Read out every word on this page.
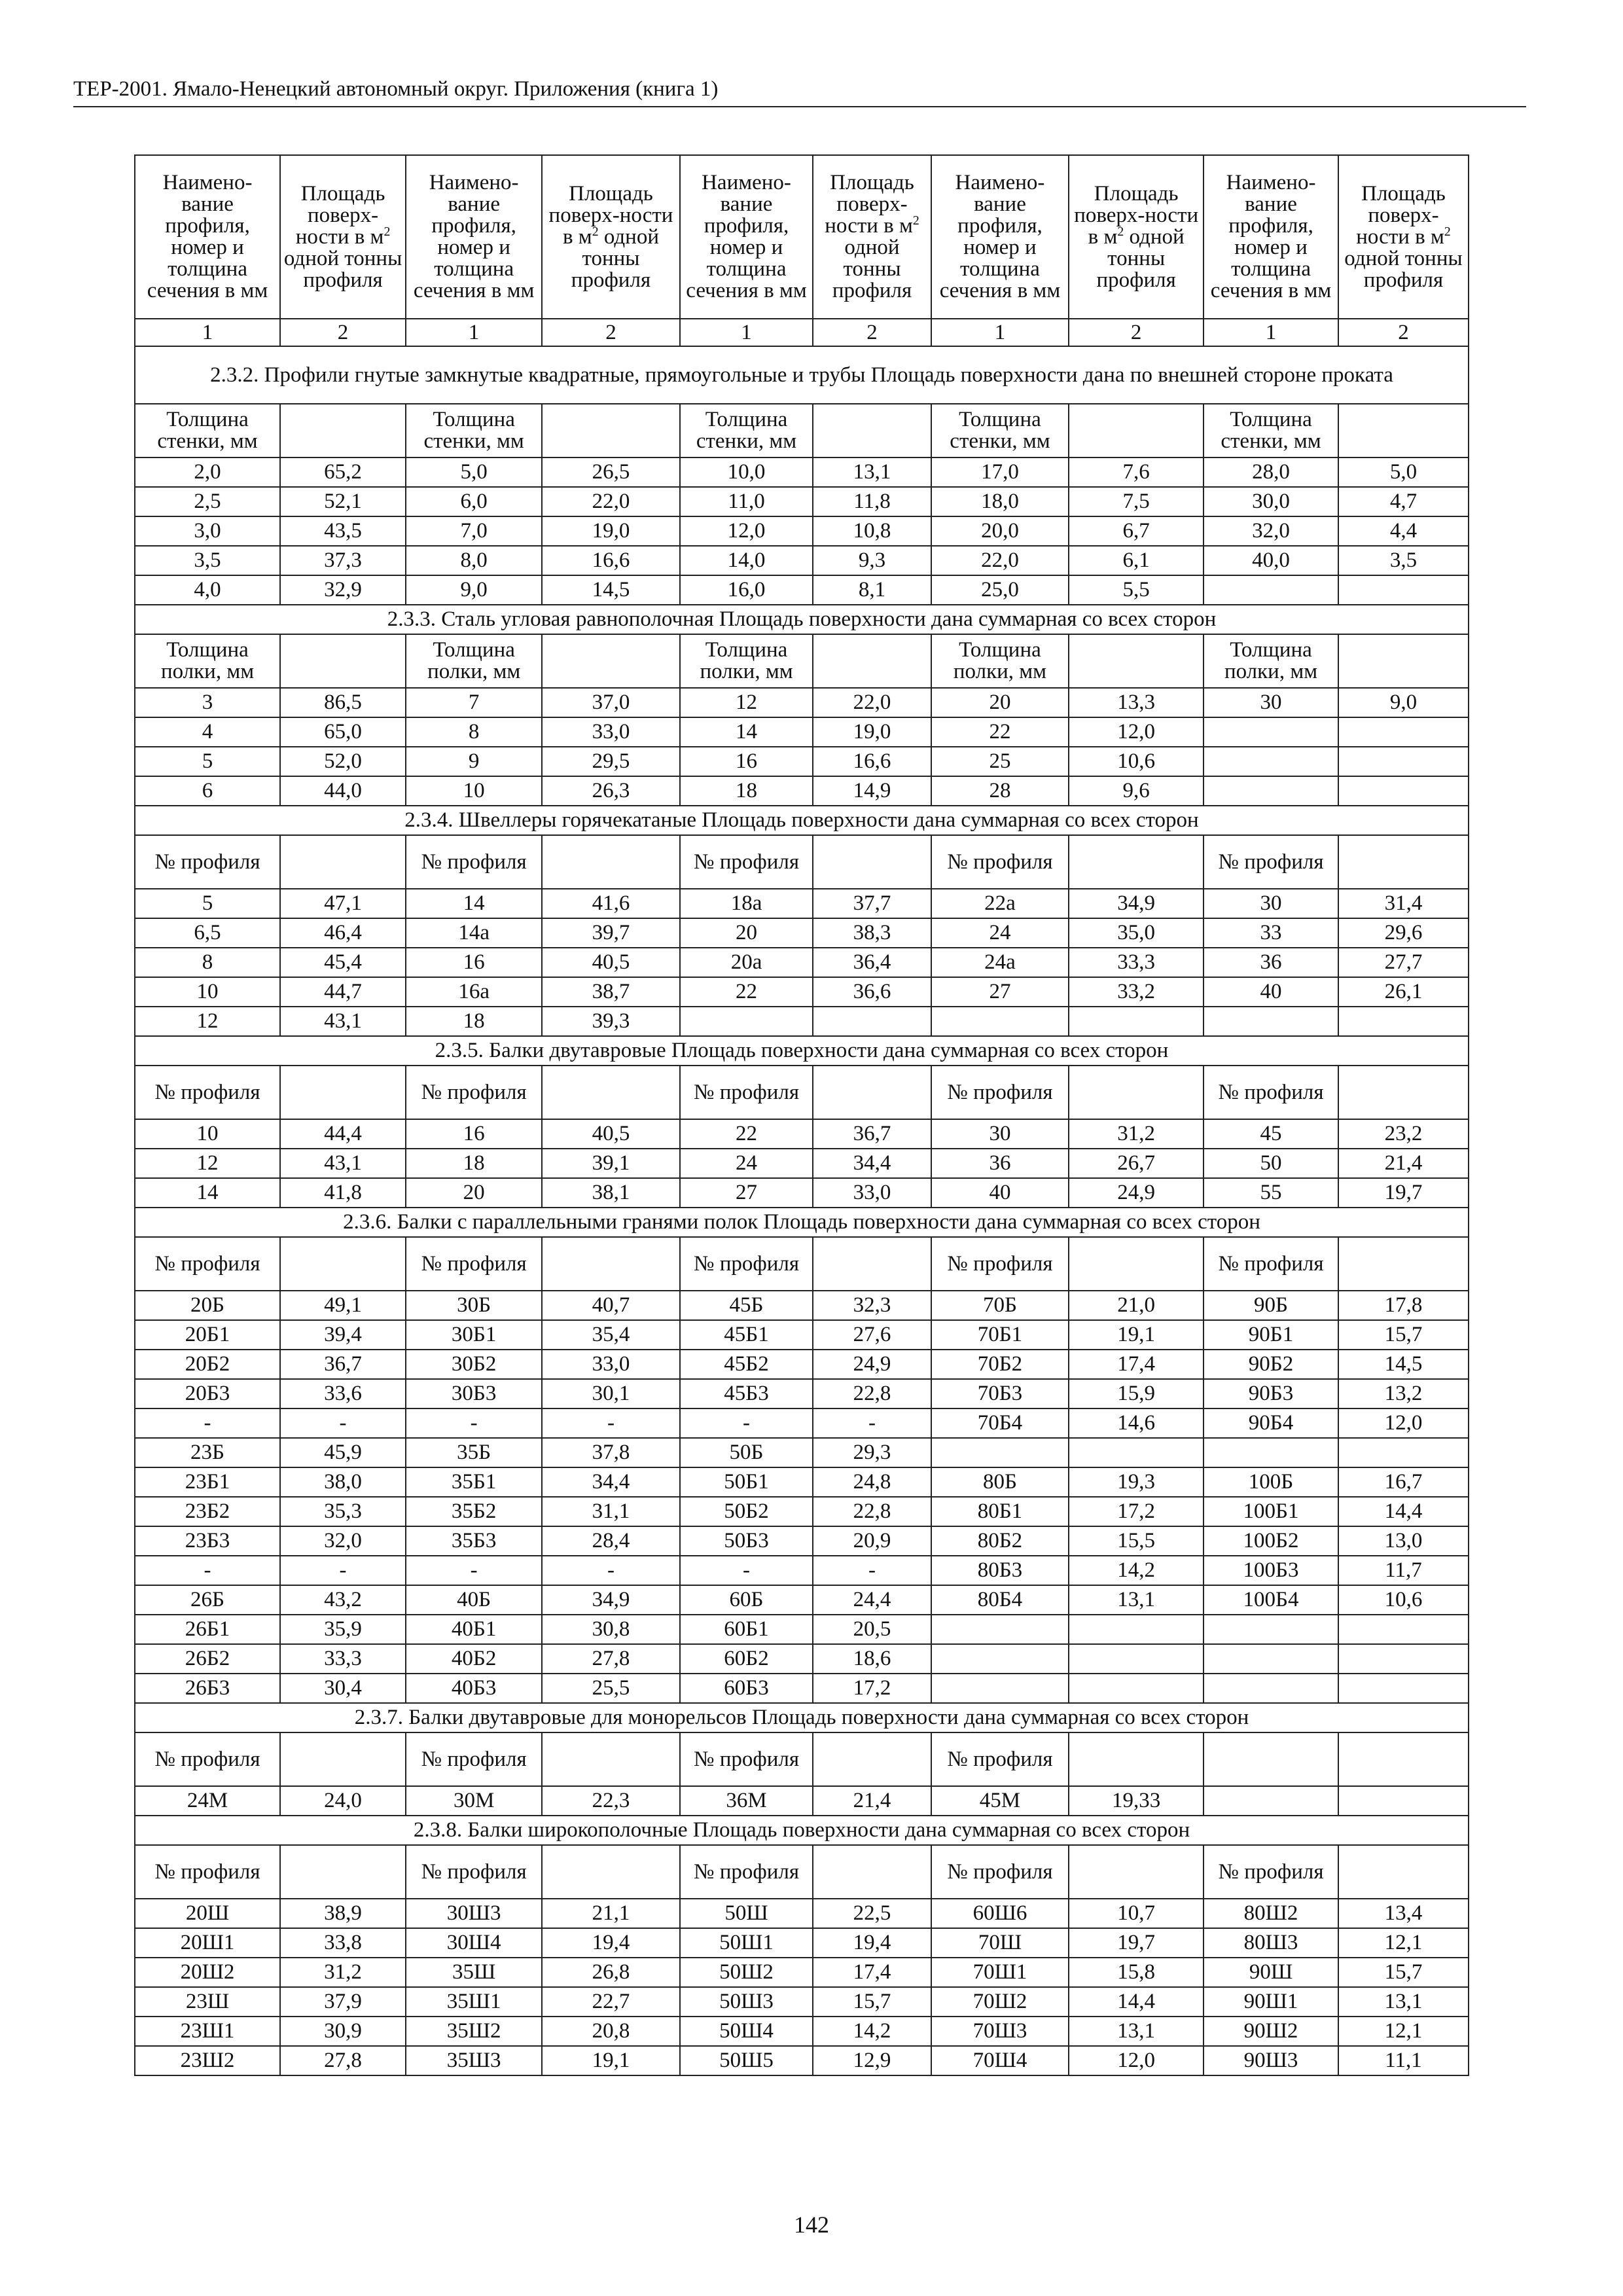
ТЕР-2001. Ямало-Ненецкий автономный округ. Приложения (книга 1)
Наимено-вание профиля, номер и толщина сечения в мм	Площадь поверх-ности в $м^2$ одной тонны профиля	Наимено-вание профиля, номер и толщина сечения в мм	Площадь поверх-ности в $м^2$ одной тонны профиля	Наимено-вание профиля, номер и толщина сечения в мм	Площадь поверх-ности в $м^2$ одной тонны профиля	Наимено-вание профиля, номер и толщина сечения в мм	Площадь поверх-ности в $м^2$ одной тонны профиля	Наимено-вание профиля, номер и толщина сечения в мм	Площадь поверх-ности в $м^2$ одной тонны профиля
1	2	1	2	1	2	1	2	1	2
2.3.2. Профили гнутые замкнутые квадратные, прямоугольные и трубы Площадь поверхности дана по внешней стороне проката									
Толщина стенки, мм		Толщина стенки, мм		Толщина стенки, мм		Толщина стенки, мм		Толщина стенки, мм	
2,0	65,2	5,0	26,5	10,0	13,1	17,0	7,6	28,0	5,0
2,5	52,1	6,0	22,0	11,0	11,8	18,0	7,5	30,0	4,7
3,0	43,5	7,0	19,0	12,0	10,8	20,0	6,7	32,0	4,4
3,5	37,3	8,0	16,6	14,0	9,3	22,0	6,1	40,0	3,5
4,0	32,9	9,0	14,5	16,0	8,1	25,0	5,5		
2.3.3. Сталь угловая равнополочная Площадь поверхности дана суммарная со всех сторон									
Толщина полки, мм		Толщина полки, мм		Толщина полки, мм		Толщина полки, мм		Толщина полки, мм	
3	86,5	7	37,0	12	22,0	20	13,3	30	9,0
4	65,0	8	33,0	14	19,0	22	12,0		
5	52,0	9	29,5	16	16,6	25	10,6		
6	44,0	10	26,3	18	14,9	28	9,6		
2.3.4. Швеллеры горячекатаные Площадь поверхности дана суммарная со всех сторон									
№ профиля		№ профиля		№ профиля		№ профиля		№ профиля	
5	47,1	14	41,6	18а	37,7	22а	34,9	30	31,4
6,5	46,4	14а	39,7	20	38,3	24	35,0	33	29,6
8	45,4	16	40,5	20а	36,4	24а	33,3	36	27,7
10	44,7	16а	38,7	22	36,6	27	33,2	40	26,1
12	43,1	18	39,3						
2.3.5. Балки двутавровые Площадь поверхности дана суммарная со всех сторон									
№ профиля		№ профиля		№ профиля		№ профиля		№ профиля	
10	44,4	16	40,5	22	36,7	30	31,2	45	23,2
12	43,1	18	39,1	24	34,4	36	26,7	50	21,4
14	41,8	20	38,1	27	33,0	40	24,9	55	19,7
2.3.6. Балки с параллельными гранями полок Площадь поверхности дана суммарная со всех сторон									
№ профиля		№ профиля		№ профиля		№ профиля		№ профиля	
20Б	49,1	30Б	40,7	45Б	32,3	70Б	21,0	90Б	17,8
20Б1	39,4	30Б1	35,4	45Б1	27,6	70Б1	19,1	90Б1	15,7
20Б2	36,7	30Б2	33,0	45Б2	24,9	70Б2	17,4	90Б2	14,5
20Б3	33,6	30Б3	30,1	45Б3	22,8	70Б3	15,9	90Б3	13,2
-	-	-	-	-	-	70Б4	14,6	90Б4	12,0
23Б	45,9	35Б	37,8	50Б	29,3				
23Б1	38,0	35Б1	34,4	50Б1	24,8	80Б	19,3	100Б	16,7
23Б2	35,3	35Б2	31,1	50Б2	22,8	80Б1	17,2	100Б1	14,4
23Б3	32,0	35Б3	28,4	50Б3	20,9	80Б2	15,5	100Б2	13,0
-	-	-	-	-	-	80Б3	14,2	100Б3	11,7
26Б	43,2	40Б	34,9	60Б	24,4	80Б4	13,1	100Б4	10,6
26Б1	35,9	40Б1	30,8	60Б1	20,5				
26Б2	33,3	40Б2	27,8	60Б2	18,6				
26Б3	30,4	40Б3	25,5	60Б3	17,2				
2.3.7. Балки двутавровые для монорельсов Площадь поверхности дана суммарная со всех сторон									
№ профиля		№ профиля		№ профиля		№ профиля			
24М	24,0	30М	22,3	36М	21,4	45М	19,33		
2.3.8. Балки широкополочные Площадь поверхности дана суммарная со всех сторон									
№ профиля		№ профиля		№ профиля		№ профиля		№ профиля	
20Ш	38,9	30Ш3	21,1	50Ш	22,5	60Ш6	10,7	80Ш2	13,4
20Ш1	33,8	30Ш4	19,4	50Ш1	19,4	70Ш	19,7	80Ш3	12,1
20Ш2	31,2	35Ш	26,8	50Ш2	17,4	70Ш1	15,8	90Ш	15,7
23Ш	37,9	35Ш1	22,7	50Ш3	15,7	70Ш2	14,4	90Ш1	13,1
23Ш1	30,9	35Ш2	20,8	50Ш4	14,2	70Ш3	13,1	90Ш2	12,1
23Ш2	27,8	35Ш3	19,1	50Ш5	12,9	70Ш4	12,0	90Ш3	11,1
142
